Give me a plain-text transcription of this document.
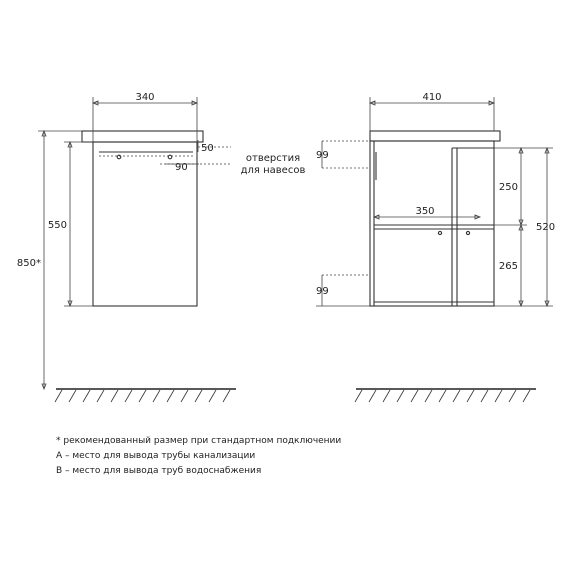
340
50
90
отверстия
для навесов
550
850*
410
350
99
99
250
265
520
* рекомендованный размер при стандартном подключении
A – место для вывода трубы канализации
B – место для вывода труб водоснабжения
